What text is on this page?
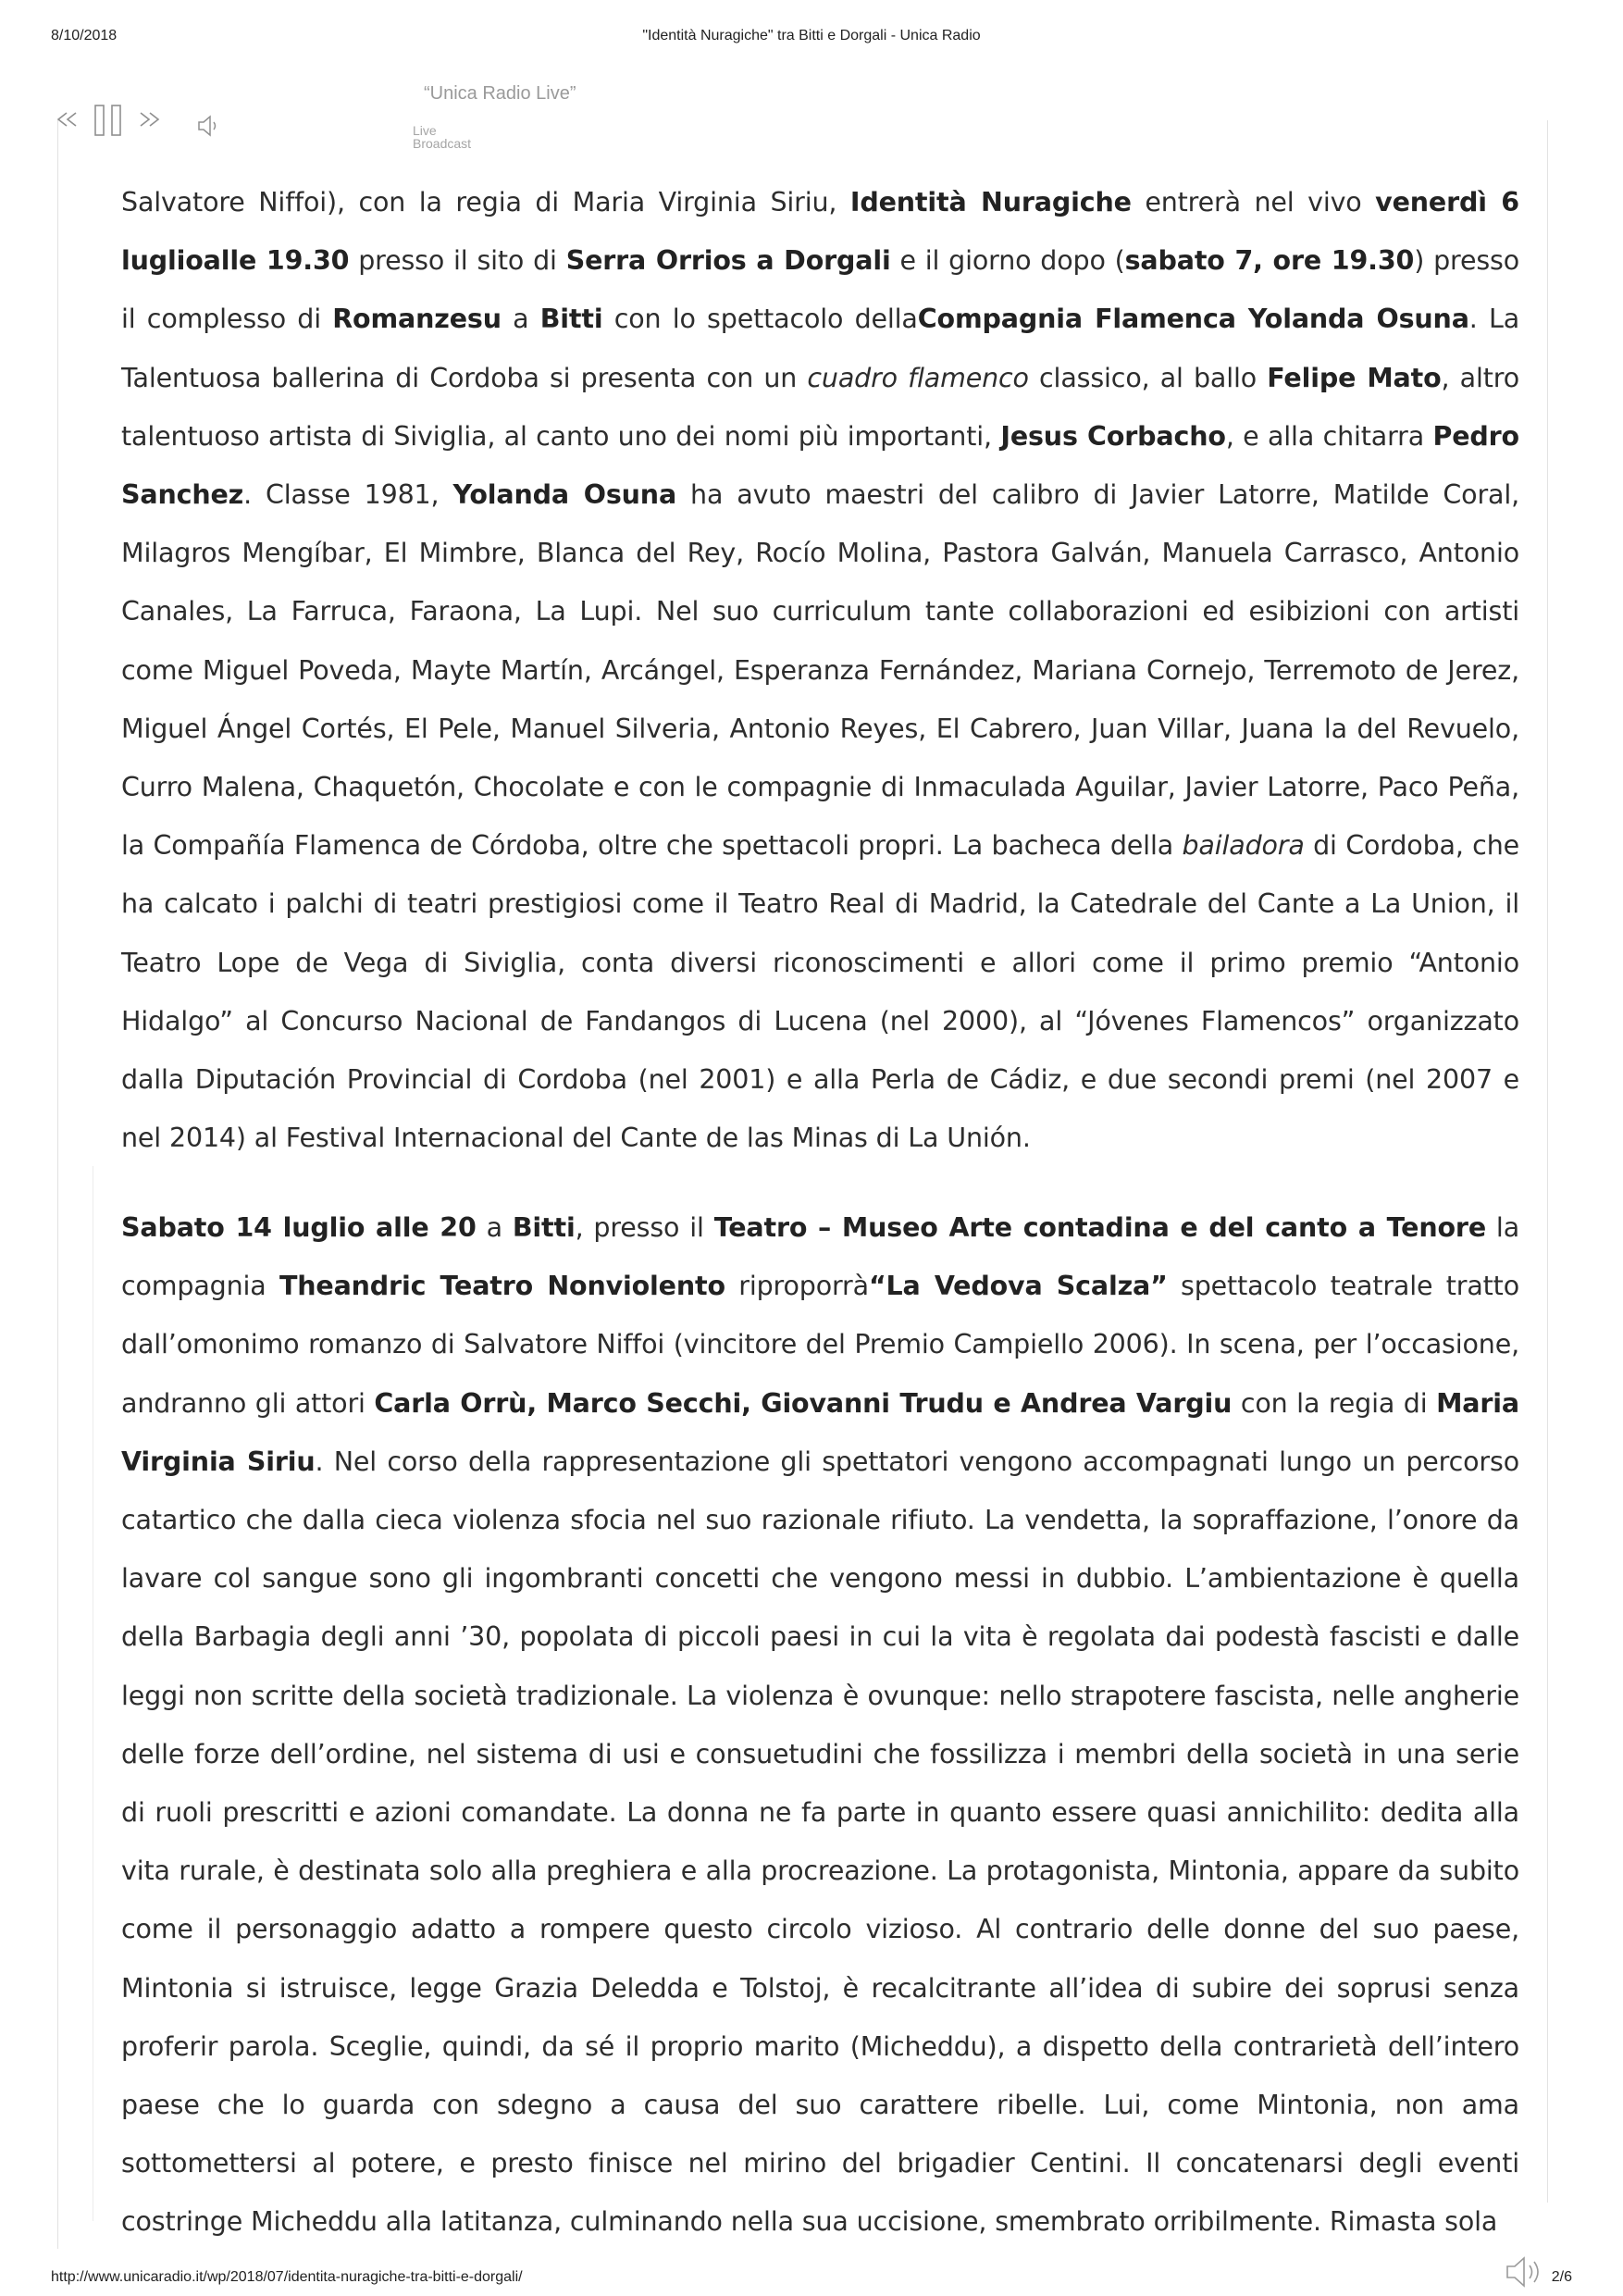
8/10/2018	"Identità Nuragiche" tra Bitti e Dorgali - Unica Radio
“Unica Radio Live”
Live
Broadcast

Salvatore Niffoi), con la regia di Maria Virginia Siriu, Identità Nuragiche entrerà nel vivo venerdì 6 luglioalle 19.30 presso il sito di Serra Orrios a Dorgali e il giorno dopo (sabato 7, ore 19.30) presso il complesso di Romanzesu a Bitti con lo spettacolo dellaCompagnia Flamenca Yolanda Osuna. La Talentuosa ballerina di Cordoba si presenta con un cuadro flamenco classico, al ballo Felipe Mato, altro talentuoso artista di Siviglia, al canto uno dei nomi più importanti, Jesus Corbacho, e alla chitarra Pedro Sanchez. Classe 1981, Yolanda Osuna ha avuto maestri del calibro di Javier Latorre, Matilde Coral, Milagros Mengíbar, El Mimbre, Blanca del Rey, Rocío Molina, Pastora Galván, Manuela Carrasco, Antonio Canales, La Farruca, Faraona, La Lupi. Nel suo curriculum tante collaborazioni ed esibizioni con artisti come Miguel Poveda, Mayte Martín, Arcángel, Esperanza Fernández, Mariana Cornejo, Terremoto de Jerez, Miguel Ángel Cortés, El Pele, Manuel Silveria, Antonio Reyes, El Cabrero, Juan Villar, Juana la del Revuelo, Curro Malena, Chaquetón, Chocolate e con le compagnie di Inmaculada Aguilar, Javier Latorre, Paco Peña, la Compañía Flamenca de Córdoba, oltre che spettacoli propri. La bacheca della bailadora di Cordoba, che ha calcato i palchi di teatri prestigiosi come il Teatro Real di Madrid, la Catedrale del Cante a La Union, il Teatro Lope de Vega di Siviglia, conta diversi riconoscimenti e allori come il primo premio “Antonio Hidalgo” al Concurso Nacional de Fandangos di Lucena (nel 2000), al “Jóvenes Flamencos” organizzato dalla Diputación Provincial di Cordoba (nel 2001) e alla Perla de Cádiz, e due secondi premi (nel 2007 e nel 2014) al Festival Internacional del Cante de las Minas di La Unión.

Sabato 14 luglio alle 20 a Bitti, presso il Teatro – Museo Arte contadina e del canto a Tenore la compagnia Theandric Teatro Nonviolento riproporrà“La Vedova Scalza” spettacolo teatrale tratto dall’omonimo romanzo di Salvatore Niffoi (vincitore del Premio Campiello 2006). In scena, per l’occasione, andranno gli attori Carla Orrù, Marco Secchi, Giovanni Trudu e Andrea Vargiu con la regia di Maria Virginia Siriu. Nel corso della rappresentazione gli spettatori vengono accompagnati lungo un percorso catartico che dalla cieca violenza sfocia nel suo razionale rifiuto. La vendetta, la sopraffazione, l’onore da lavare col sangue sono gli ingombranti concetti che vengono messi in dubbio. L’ambientazione è quella della Barbagia degli anni ’30, popolata di piccoli paesi in cui la vita è regolata dai podestà fascisti e dalle leggi non scritte della società tradizionale. La violenza è ovunque: nello strapotere fascista, nelle angherie delle forze dell’ordine, nel sistema di usi e consuetudini che fossilizza i membri della società in una serie di ruoli prescritti e azioni comandate. La donna ne fa parte in quanto essere quasi annichilito: dedita alla vita rurale, è destinata solo alla preghiera e alla procreazione. La protagonista, Mintonia, appare da subito come il personaggio adatto a rompere questo circolo vizioso. Al contrario delle donne del suo paese, Mintonia si istruisce, legge Grazia Deledda e Tolstoj, è recalcitrante all’idea di subire dei soprusi senza proferir parola. Sceglie, quindi, da sé il proprio marito (Micheddu), a dispetto della contrarietà dell’intero paese che lo guarda con sdegno a causa del suo carattere ribelle. Lui, come Mintonia, non ama sottomettersi al potere, e presto finisce nel mirino del brigadier Centini. Il concatenarsi degli eventi costringe Micheddu alla latitanza, culminando nella sua uccisione, smembrato orribilmente. Rimasta sola

http://www.unicaradio.it/wp/2018/07/identita-nuragiche-tra-bitti-e-dorgali/	2/6
